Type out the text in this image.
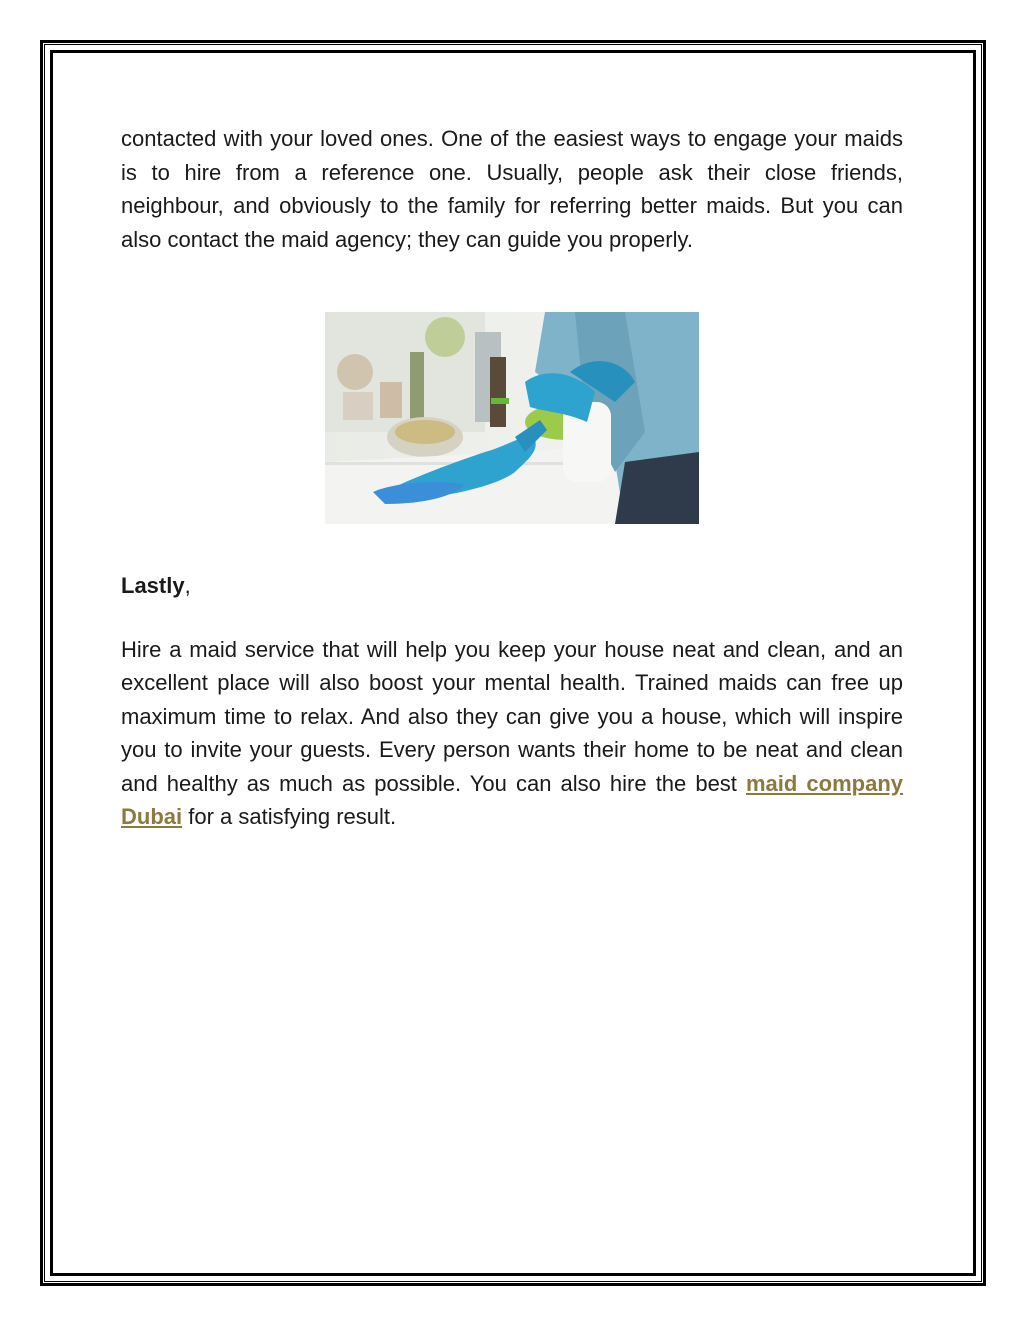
contacted with your loved ones. One of the easiest ways to engage your maids is to hire from a reference one. Usually, people ask their close friends, neighbour, and obviously to the family for referring better maids. But you can also contact the maid agency; they can guide you properly.

Lastly,

Hire a maid service that will help you keep your house neat and clean, and an excellent place will also boost your mental health. Trained maids can free up maximum time to relax. And also they can give you a house, which will inspire you to invite your guests. Every person wants their home to be neat and clean and healthy as much as possible. You can also hire the best maid company Dubai for a satisfying result.
